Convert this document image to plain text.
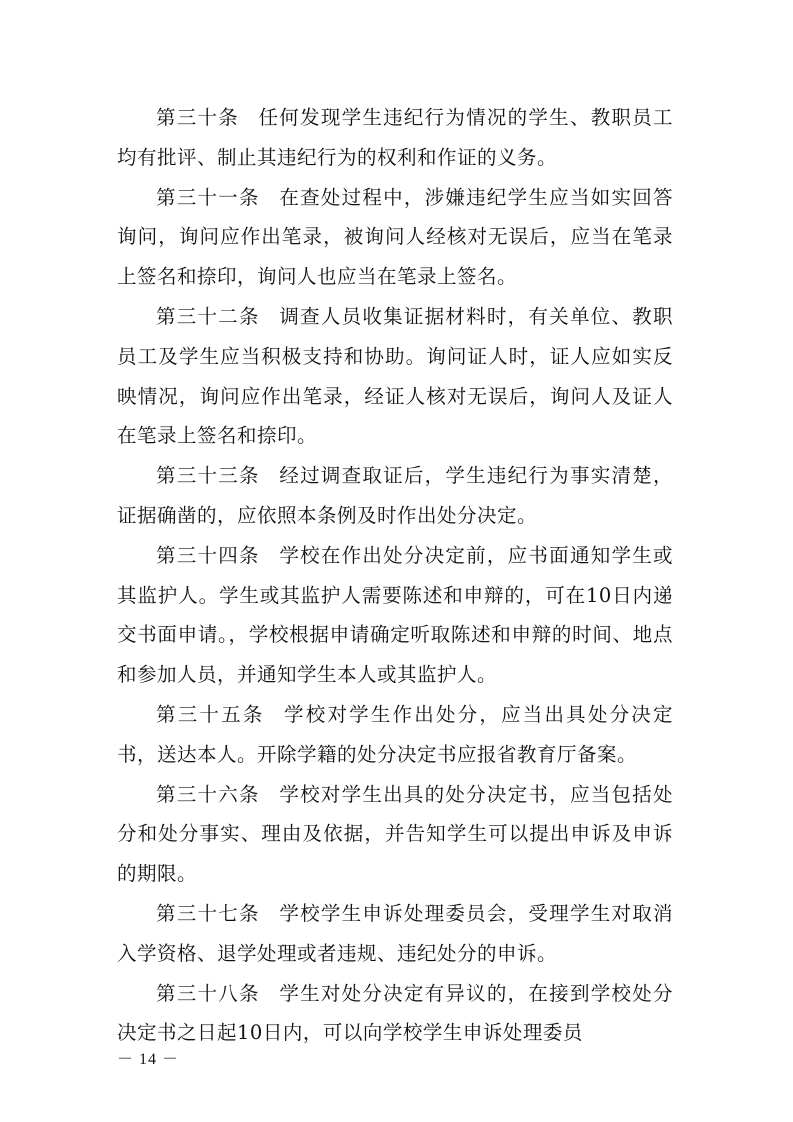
第三十条 任何发现学生违纪行为情况的学生、教职员工均有批评、制止其违纪行为的权利和作证的义务。

第三十一条 在查处过程中，涉嫌违纪学生应当如实回答询问，询问应作出笔录，被询问人经核对无误后，应当在笔录上签名和捺印，询问人也应当在笔录上签名。

第三十二条 调查人员收集证据材料时，有关单位、教职员工及学生应当积极支持和协助。询问证人时，证人应如实反映情况，询问应作出笔录，经证人核对无误后，询问人及证人在笔录上签名和捺印。

第三十三条 经过调查取证后，学生违纪行为事实清楚，证据确凿的，应依照本条例及时作出处分决定。

第三十四条 学校在作出处分决定前，应书面通知学生或其监护人。学生或其监护人需要陈述和申辩的，可在10日内递交书面申请。，学校根据申请确定听取陈述和申辩的时间、地点和参加人员，并通知学生本人或其监护人。

第三十五条 学校对学生作出处分，应当出具处分决定书，送达本人。开除学籍的处分决定书应报省教育厅备案。

第三十六条 学校对学生出具的处分决定书，应当包括处分和处分事实、理由及依据，并告知学生可以提出申诉及申诉的期限。

第三十七条 学校学生申诉处理委员会，受理学生对取消入学资格、退学处理或者违规、违纪处分的申诉。

第三十八条 学生对处分决定有异议的，在接到学校处分决定书之日起10日内，可以向学校学生申诉处理委员

－ 14 －
